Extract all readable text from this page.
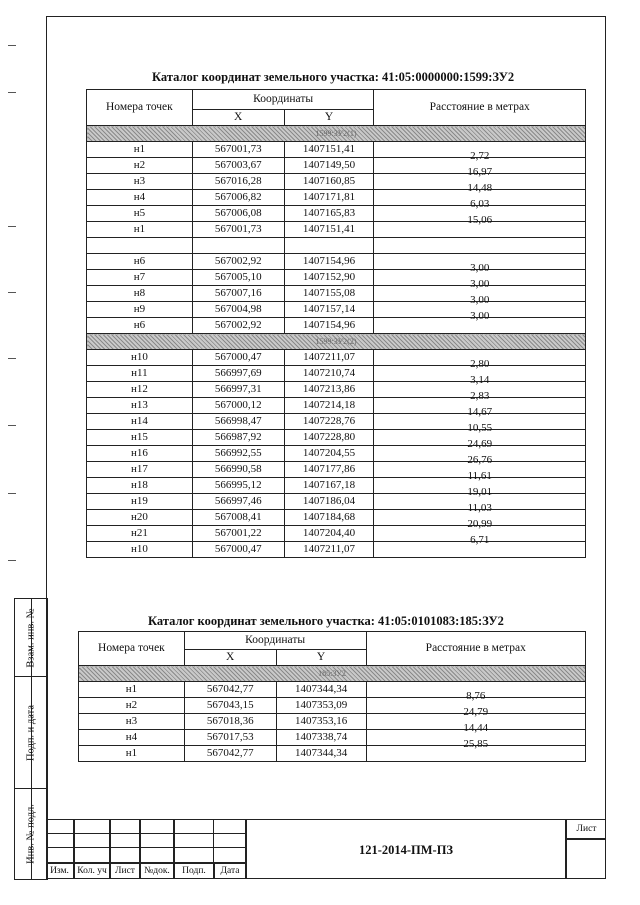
Взам. инв. №
Подп. и дата
Инв. № подл.
Каталог координат земельного участка: 41:05:0000000:1599:ЗУ2
Номера точек	Координаты		Расстояние в метрах
	X	Y	
1599:ЗУ2(1)			
н1	567001,73	1407151,41	2,72
н2	567003,67	1407149,50	16,97
н3	567016,28	1407160,85	14,48
н4	567006,82	1407171,81	6,03
н5	567006,08	1407165,83	15,06
н1	567001,73	1407151,41	

н6	567002,92	1407154,96	3,00
н7	567005,10	1407152,90	3,00
н8	567007,16	1407155,08	3,00
н9	567004,98	1407157,14	3,00
н6	567002,92	1407154,96	
1599:ЗУ2(2)			
н10	567000,47	1407211,07	2,80
н11	566997,69	1407210,74	3,14
н12	566997,31	1407213,86	2,83
н13	567000,12	1407214,18	14,67
н14	566998,47	1407228,76	10,55
н15	566987,92	1407228,80	24,69
н16	566992,55	1407204,55	26,76
н17	566990,58	1407177,86	11,61
н18	566995,12	1407167,18	19,01
н19	566997,46	1407186,04	11,03
н20	567008,41	1407184,68	20,99
н21	567001,22	1407204,40	6,71
н10	567000,47	1407211,07	
Каталог координат земельного участка: 41:05:0101083:185:ЗУ2
Номера точек	Координаты		Расстояние в метрах
	X	Y	
185:ЗУ2			
н1	567042,77	1407344,34	8,76
н2	567043,15	1407353,09	24,79
н3	567018,36	1407353,16	14,44
н4	567017,53	1407338,74	25,85
н1	567042,77	1407344,34	
121-2014-ПМ-ПЗ
Лист
Изм. Кол. уч Лист №док.	Подп.	Дата
